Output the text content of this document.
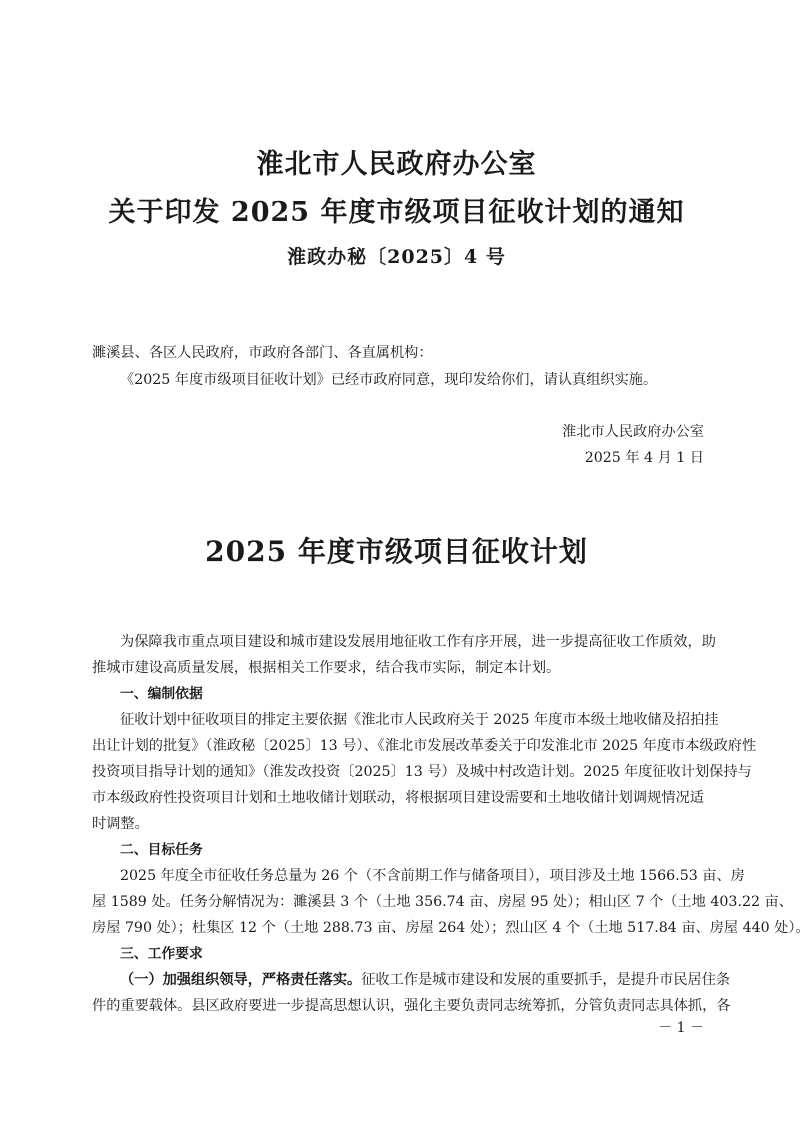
淮北市人民政府办公室
关于印发 2025 年度市级项目征收计划的通知
淮政办秘〔2025〕4 号
濉溪县、各区人民政府，市政府各部门、各直属机构：
《2025 年度市级项目征收计划》已经市政府同意，现印发给你们，请认真组织实施。
淮北市人民政府办公室
2025 年 4 月 1 日
2025 年度市级项目征收计划
为保障我市重点项目建设和城市建设发展用地征收工作有序开展，进一步提高征收工作质效，助
推城市建设高质量发展，根据相关工作要求，结合我市实际，制定本计划。
一、编制依据
征收计划中征收项目的排定主要依据《淮北市人民政府关于 2025 年度市本级土地收储及招拍挂
出让计划的批复》（淮政秘〔2025〕13 号）、《淮北市发展改革委关于印发淮北市 2025 年度市本级政府性
投资项目指导计划的通知》（淮发改投资〔2025〕13 号）及城中村改造计划。2025 年度征收计划保持与
市本级政府性投资项目计划和土地收储计划联动，将根据项目建设需要和土地收储计划调规情况适
时调整。
二、目标任务
2025 年度全市征收任务总量为 26 个（不含前期工作与储备项目），项目涉及土地 1566.53 亩、房
屋 1589 处。任务分解情况为：濉溪县 3 个（土地 356.74 亩、房屋 95 处）；相山区 7 个（土地 403.22 亩、
房屋 790 处）；杜集区 12 个（土地 288.73 亩、房屋 264 处）；烈山区 4 个（土地 517.84 亩、房屋 440 处）。
三、工作要求
（一）加强组织领导，严格责任落实。征收工作是城市建设和发展的重要抓手，是提升市民居住条
件的重要载体。县区政府要进一步提高思想认识，强化主要负责同志统筹抓，分管负责同志具体抓，各
－ 1 －
